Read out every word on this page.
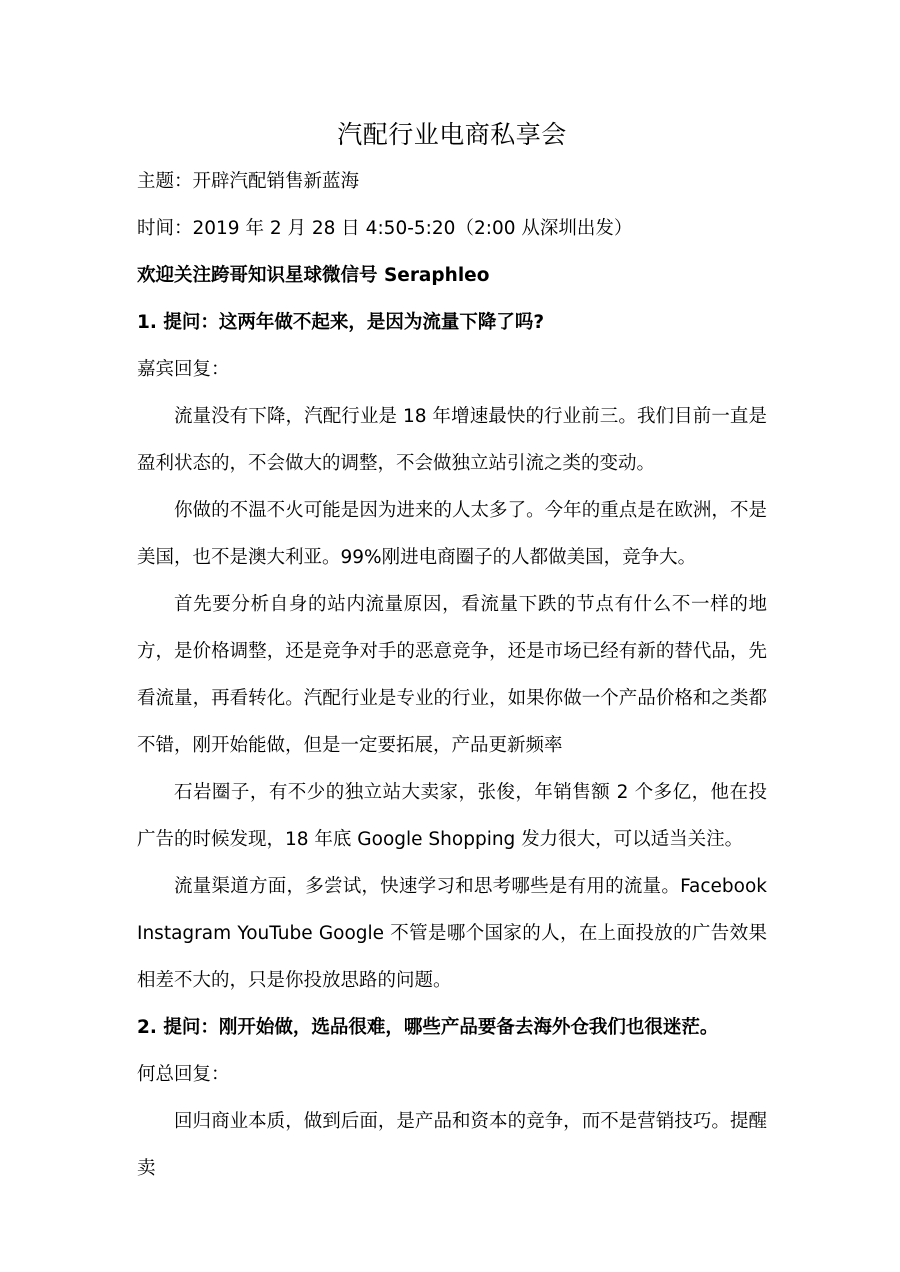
汽配行业电商私享会

主题：开辟汽配销售新蓝海

时间：2019 年 2 月 28 日 4:50-5:20（2:00 从深圳出发）

欢迎关注跨哥知识星球微信号 Seraphleo

1. 提问：这两年做不起来，是因为流量下降了吗?

嘉宾回复：

流量没有下降，汽配行业是 18 年增速最快的行业前三。我们目前一直是盈利状态的，不会做大的调整，不会做独立站引流之类的变动。

你做的不温不火可能是因为进来的人太多了。今年的重点是在欧洲，不是美国，也不是澳大利亚。99%刚进电商圈子的人都做美国，竞争大。

首先要分析自身的站内流量原因，看流量下跌的节点有什么不一样的地方，是价格调整，还是竞争对手的恶意竞争，还是市场已经有新的替代品，先看流量，再看转化。汽配行业是专业的行业，如果你做一个产品价格和之类都不错，刚开始能做，但是一定要拓展，产品更新频率

石岩圈子，有不少的独立站大卖家，张俊，年销售额 2 个多亿，他在投广告的时候发现，18 年底 Google Shopping 发力很大，可以适当关注。

流量渠道方面，多尝试，快速学习和思考哪些是有用的流量。Facebook Instagram YouTube Google 不管是哪个国家的人，在上面投放的广告效果相差不大的，只是你投放思路的问题。

2. 提问：刚开始做，选品很难，哪些产品要备去海外仓我们也很迷茫。

何总回复：

回归商业本质，做到后面，是产品和资本的竞争，而不是营销技巧。提醒卖
